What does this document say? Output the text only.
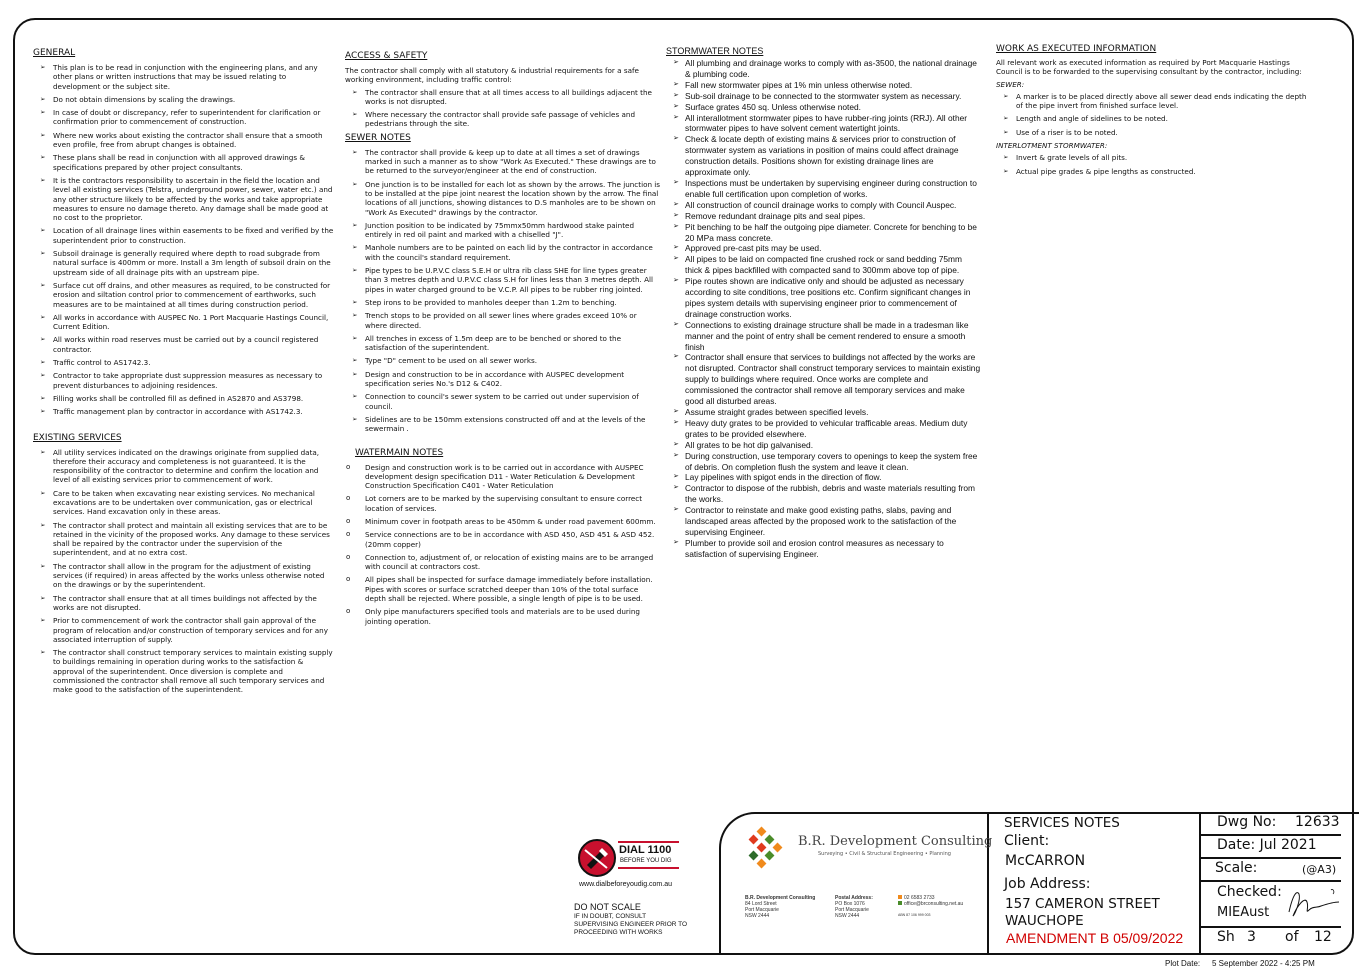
GENERAL
➢ This plan is to be read in conjunction with the engineering plans, and any other plans or written instructions that may be issued relating to development or the subject site.
➢ Do not obtain dimensions by scaling the drawings.
➢ In case of doubt or discrepancy, refer to superintendent for clarification or confirmation prior to commencement of construction.
➢ Where new works about existing the contractor shall ensure that a smooth even profile, free from abrupt changes is obtained.
➢ These plans shall be read in conjunction with all approved drawings & specifications prepared by other project consultants.
➢ It is the contractors responsibility to ascertain in the field the location and level all existing services (Telstra, underground power, sewer, water etc.) and any other structure likely to be affected by the works and take appropriate measures to ensure no damage thereto. Any damage shall be made good at no cost to the proprietor.
➢ Location of all drainage lines within easements to be fixed and verified by the superintendent prior to construction.
➢ Subsoil drainage is generally required where depth to road subgrade from natural surface is 400mm or more. Install a 3m length of subsoil drain on the upstream side of all drainage pits with an upstream pipe.
➢ Surface cut off drains, and other measures as required, to be constructed for erosion and siltation control prior to commencement of earthworks, such measures are to be maintained at all times during construction period.
➢ All works in accordance with AUSPEC No. 1 Port Macquarie Hastings Council, Current Edition.
➢ All works within road reserves must be carried out by a council registered contractor.
➢ Traffic control to AS1742.3.
➢ Contractor to take appropriate dust suppression measures as necessary to prevent disturbances to adjoining residences.
➢ Filling works shall be controlled fill as defined in AS2870 and AS3798.
➢ Traffic management plan by contractor in accordance with AS1742.3.
EXISTING SERVICES
➢ All utility services indicated on the drawings originate from supplied data, therefore their accuracy and completeness is not guaranteed. It is the responsibility of the contractor to determine and confirm the location and level of all existing services prior to commencement of work.
➢ Care to be taken when excavating near existing services. No mechanical excavations are to be undertaken over communication, gas or electrical services. Hand excavation only in these areas.
➢ The contractor shall protect and maintain all existing services that are to be retained in the vicinity of the proposed works. Any damage to these services shall be repaired by the contractor under the supervision of the superintendent, and at no extra cost.
➢ The contractor shall allow in the program for the adjustment of existing services (if required) in areas affected by the works unless otherwise noted on the drawings or by the superintendent.
➢ The contractor shall ensure that at all times buildings not affected by the works are not disrupted.
➢ Prior to commencement of work the contractor shall gain approval of the program of relocation and/or construction of temporary services and for any associated interruption of supply.
➢ The contractor shall construct temporary services to maintain existing supply to buildings remaining in operation during works to the satisfaction & approval of the superintendent. Once diversion is complete and commissioned the contractor shall remove all such temporary services and make good to the satisfaction of the superintendent.
ACCESS & SAFETY

The contractor shall comply with all statutory & industrial requirements for a safe working environment, including traffic control:

➢ The contractor shall ensure that at all times access to all buildings adjacent the works is not disrupted.
➢ Where necessary the contractor shall provide safe passage of vehicles and pedestrians through the site.
SEWER NOTES
➢ The contractor shall provide & keep up to date at all times a set of drawings marked in such a manner as to show "Work As Executed." These drawings are to be returned to the surveyor/engineer at the end of construction.
➢ One junction is to be installed for each lot as shown by the arrows. The junction is to be installed at the pipe joint nearest the location shown by the arrow. The final locations of all junctions, showing distances to D.S manholes are to be shown on "Work As Executed" drawings by the contractor.
➢ Junction position to be indicated by 75mmx50mm hardwood stake painted entirely in red oil paint and marked with a chiselled "J".
➢ Manhole numbers are to be painted on each lid by the contractor in accordance with the council's standard requirement.
➢ Pipe types to be U.P.V.C class S.E.H or ultra rib class SHE for line types greater than 3 metres depth and U.P.V.C class S.H for lines less than 3 metres depth. All pipes in water charged ground to be V.C.P. All pipes to be rubber ring jointed.
➢ Step irons to be provided to manholes deeper than 1.2m to benching.
➢ Trench stops to be provided on all sewer lines where grades exceed 10% or where directed.
➢ All trenches in excess of 1.5m deep are to be benched or shored to the satisfaction of the superintendent.
➢ Type "D" cement to be used on all sewer works.
➢ Design and construction to be in accordance with AUSPEC development specification series No.'s D12 & C402.
➢ Connection to council's sewer system to be carried out under supervision of council.
➢ Sidelines are to be 150mm extensions constructed off and at the levels of the sewermain .
WATERMAIN NOTES
o Design and construction work is to be carried out in accordance with AUSPEC development design specification D11 - Water Reticulation & Development Construction Specification C401 - Water Reticulation
o Lot corners are to be marked by the supervising consultant to ensure correct location of services.
o Minimum cover in footpath areas to be 450mm & under road pavement 600mm.
o Service connections are to be in accordance with ASD 450, ASD 451 & ASD 452. (20mm copper)
o Connection to, adjustment of, or relocation of existing mains are to be arranged with council at contractors cost.
o All pipes shall be inspected for surface damage immediately before installation. Pipes with scores or surface scratched deeper than 10% of the total surface depth shall be rejected. Where possible, a single length of pipe is to be used.
o Only pipe manufacturers specified tools and materials are to be used during jointing operation.
STORMWATER NOTES
➢ All plumbing and drainage works to comply with as-3500, the national drainage & plumbing code.
➢ Fall new stormwater pipes at 1% min unless otherwise noted.
➢ Sub-soil drainage to be connected to the stormwater system as necessary.
➢ Surface grates 450 sq. Unless otherwise noted.
➢ All interallotment stormwater pipes to have rubber-ring joints (RRJ). All other stormwater pipes to have solvent cement watertight joints.
➢ Check & locate depth of existing mains & services prior to construction of stormwater system as variations in position of mains could affect drainage construction details. Positions shown for existing drainage lines are approximate only.
➢ Inspections must be undertaken by supervising engineer during construction to enable full certification upon completion of works.
➢ All construction of council drainage works to comply with Council Auspec.
➢ Remove redundant drainage pits and seal pipes.
➢ Pit benching to be half the outgoing pipe diameter. Concrete for benching to be 20 MPa mass concrete.
➢ Approved pre-cast pits may be used.
➢ All pipes to be laid on compacted fine crushed rock or sand bedding 75mm thick & pipes backfilled with compacted sand to 300mm above top of pipe.
➢ Pipe routes shown are indicative only and should be adjusted as necessary according to site conditions, tree positions etc. Confirm significant changes in pipes system details with supervising engineer prior to commencement of drainage construction works.
➢ Connections to existing drainage structure shall be made in a tradesman like manner and the point of entry shall be cement rendered to ensure a smooth finish
➢ Contractor shall ensure that services to buildings not affected by the works are not disrupted. Contractor shall construct temporary services to maintain existing supply to buildings where required. Once works are complete and commissioned the contractor shall remove all temporary services and make good all disturbed areas.
➢ Assume straight grades between specified levels.
➢ Heavy duty grates to be provided to vehicular trafficable areas. Medium duty grates to be provided elsewhere.
➢ All grates to be hot dip galvanised.
➢ During construction, use temporary covers to openings to keep the system free of debris. On completion flush the system and leave it clean.
➢ Lay pipelines with spigot ends in the direction of flow.
➢ Contractor to dispose of the rubbish, debris and waste materials resulting from the works.
➢ Contractor to reinstate and make good existing paths, slabs, paving and landscaped areas affected by the proposed work to the satisfaction of the supervising Engineer.
➢ Plumber to provide soil and erosion control measures as necessary to satisfaction of supervising Engineer.
WORK AS EXECUTED INFORMATION

All relevant work as executed information as required by Port Macquarie Hastings Council is to be forwarded to the supervising consultant by the contractor, including:

SEWER:
➢ A marker is to be placed directly above all sewer dead ends indicating the depth of the pipe invert from finished surface level.
➢ Length and angle of sidelines to be noted.
➢ Use of a riser is to be noted.
INTERLOTMENT STORMWATER:
➢ Invert & grate levels of all pits.
➢ Actual pipe grades & pipe lengths as constructed.
DIAL 1100
BEFORE YOU DIG
www.dialbeforeyoudig.com.au
DO NOT SCALE
IF IN DOUBT, CONSULT SUPERVISING ENGINEER PRIOR TO PROCEEDING WITH WORKS
B.R. Development Consulting
Surveying • Civil & Structural Engineering • Planning
B.R. Development Consulting
84 Lord Street
Port Macquarie
NSW 2444
Postal Address:
PO Box 1076
Port Macquarie
NSW 2444
02 6583 2733
office@brconsulting.net.au
ABN 87 106 999 003
SERVICES NOTES
Client:
McCARRON
Job Address:
157 CAMERON STREET
WAUCHOPE
AMENDMENT B 05/09/2022
Dwg No: 12633
Date: Jul 2021
Scale:	(@A3)
Checked:
MIEAust
Sh 3 of 12
Plot Date: 5 September 2022 - 4:25 PM
